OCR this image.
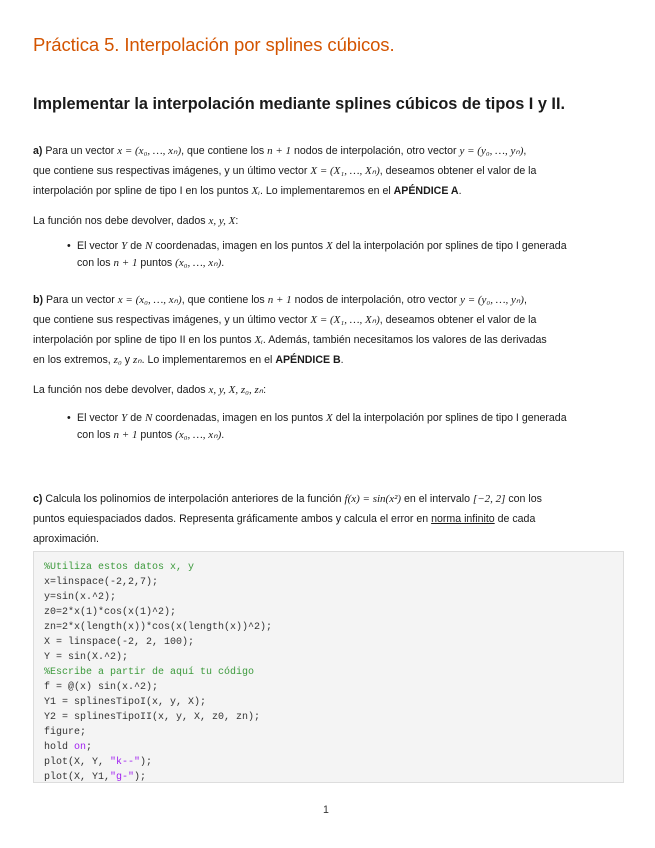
Práctica 5. Interpolación por splines cúbicos.
Implementar la interpolación mediante splines cúbicos de tipos I y II.
a) Para un vector x = (x₀, …, xₙ), que contiene los n + 1 nodos de interpolación, otro vector y = (y₀, …, yₙ),
que contiene sus respectivas imágenes, y un último vector X = (X₁, …, Xₙ), deseamos obtener el valor de la
interpolación por spline de tipo I en los puntos Xᵢ. Lo implementaremos en el APÉNDICE A.
La función nos debe devolver, dados x, y, X:
• El vector Y de N coordenadas, imagen en los puntos X del la interpolación por splines de tipo I generada
con los n + 1 puntos (x₀, …, xₙ).
b) Para un vector x = (x₀, …, xₙ), que contiene los n + 1 nodos de interpolación, otro vector y = (y₀, …, yₙ),
que contiene sus respectivas imágenes, y un último vector X = (X₁, …, Xₙ), deseamos obtener el valor de la
interpolación por spline de tipo II en los puntos Xᵢ. Además, también necesitamos los valores de las derivadas
en los extremos, z₀ y zₙ. Lo implementaremos en el APÉNDICE B.
La función nos debe devolver, dados x, y, X, z₀, zₙ:
• El vector Y de N coordenadas, imagen en los puntos X del la interpolación por splines de tipo I generada
con los n + 1 puntos (x₀, …, xₙ).
c) Calcula los polinomios de interpolación anteriores de la función f(x) = sin(x²) en el intervalo [−2, 2] con los
puntos equiespaciados dados. Representa gráficamente ambos y calcula el error en norma infinito de cada
aproximación.
%Utiliza estos datos x, y
x=linspace(-2,2,7);
y=sin(x.^2);
z0=2*x(1)*cos(x(1)^2);
zn=2*x(length(x))*cos(x(length(x))^2);
X = linspace(-2, 2, 100);
Y = sin(X.^2);
%Escribe a partir de aquí tu código
f = @(x) sin(x.^2);
Y1 = splinesTipoI(x, y, X);
Y2 = splinesTipoII(x, y, X, z0, zn);
figure;
hold on;
plot(X, Y, "k--");
plot(X, Y1,"g-");
1
